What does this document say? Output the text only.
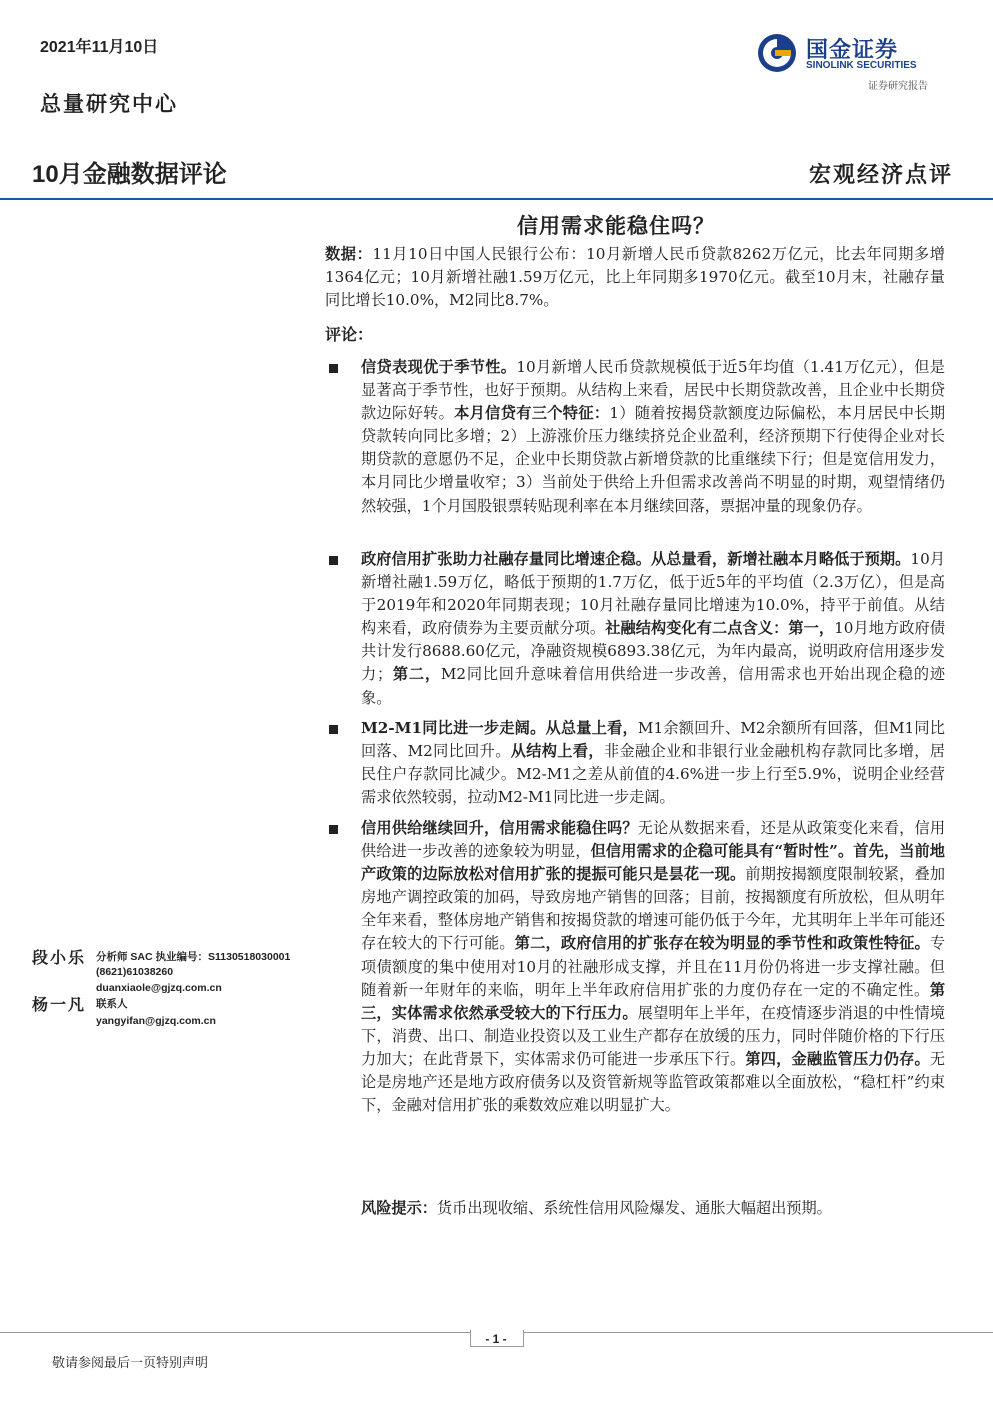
2021年11月10日
总量研究中心
10月金融数据评论	宏观经济点评
国金证券
SINOLINK SECURITIES
证券研究报告
信用需求能稳住吗？
数据：11月10日中国人民银行公布：10月新增人民币贷款8262万亿元，比去年同期多增1364亿元；10月新增社融1.59万亿元，比上年同期多1970亿元。截至10月末，社融存量同比增长10.0%，M2同比8.7%。
评论：
信贷表现优于季节性。10月新增人民币贷款规模低于近5年均值（1.41万亿元），但是显著高于季节性，也好于预期。从结构上来看，居民中长期贷款改善，且企业中长期贷款边际好转。本月信贷有三个特征：1）随着按揭贷款额度边际偏松，本月居民中长期贷款转向同比多增；2）上游涨价压力继续挤兑企业盈利，经济预期下行使得企业对长期贷款的意愿仍不足，企业中长期贷款占新增贷款的比重继续下行；但是宽信用发力，本月同比少增量收窄；3）当前处于供给上升但需求改善尚不明显的时期，观望情绪仍然较强，1个月国股银票转贴现利率在本月继续回落，票据冲量的现象仍存。
政府信用扩张助力社融存量同比增速企稳。从总量看，新增社融本月略低于预期。10月新增社融1.59万亿，略低于预期的1.7万亿，低于近5年的平均值（2.3万亿），但是高于2019年和2020年同期表现；10月社融存量同比增速为10.0%，持平于前值。从结构来看，政府债券为主要贡献分项。社融结构变化有二点含义：第一，10月地方政府债共计发行8688.60亿元，净融资规模6893.38亿元，为年内最高，说明政府信用逐步发力；第二，M2同比回升意味着信用供给进一步改善，信用需求也开始出现企稳的迹象。
M2-M1同比进一步走阔。从总量上看，M1余额回升、M2余额所有回落，但M1同比回落、M2同比回升。从结构上看，非金融企业和非银行业金融机构存款同比多增，居民住户存款同比减少。M2-M1之差从前值的4.6%进一步上行至5.9%，说明企业经营需求依然较弱，拉动M2-M1同比进一步走阔。
信用供给继续回升，信用需求能稳住吗？无论从数据来看，还是从政策变化来看，信用供给进一步改善的迹象较为明显，但信用需求的企稳可能具有“暂时性”。首先，当前地产政策的边际放松对信用扩张的提振可能只是昙花一现。前期按揭额度限制较紧，叠加房地产调控政策的加码，导致房地产销售的回落；目前，按揭额度有所放松，但从明年全年来看，整体房地产销售和按揭贷款的增速可能仍低于今年，尤其明年上半年可能还存在较大的下行可能。第二，政府信用的扩张存在较为明显的季节性和政策性特征。专项债额度的集中使用对10月的社融形成支撑，并且在11月份仍将进一步支撑社融。但随着新一年财年的来临，明年上半年政府信用扩张的力度仍存在一定的不确定性。第三，实体需求依然承受较大的下行压力。展望明年上半年，在疫情逐步消退的中性情境下，消费、出口、制造业投资以及工业生产都存在放缓的压力，同时伴随价格的下行压力加大；在此背景下，实体需求仍可能进一步承压下行。第四，金融监管压力仍存。无论是房地产还是地方政府债务以及资管新规等监管政策都难以全面放松，“稳杠杆”约束下，金融对信用扩张的乘数效应难以明显扩大。
风险提示：货币出现收缩、系统性信用风险爆发、通胀大幅超出预期。
段小乐 分析师 SAC 执业编号：S1130518030001
(8621)61038260
duanxiaole@gjzq.com.cn
杨一凡 联系人
yangyifan@gjzq.com.cn
- 1 -
敬请参阅最后一页特别声明
